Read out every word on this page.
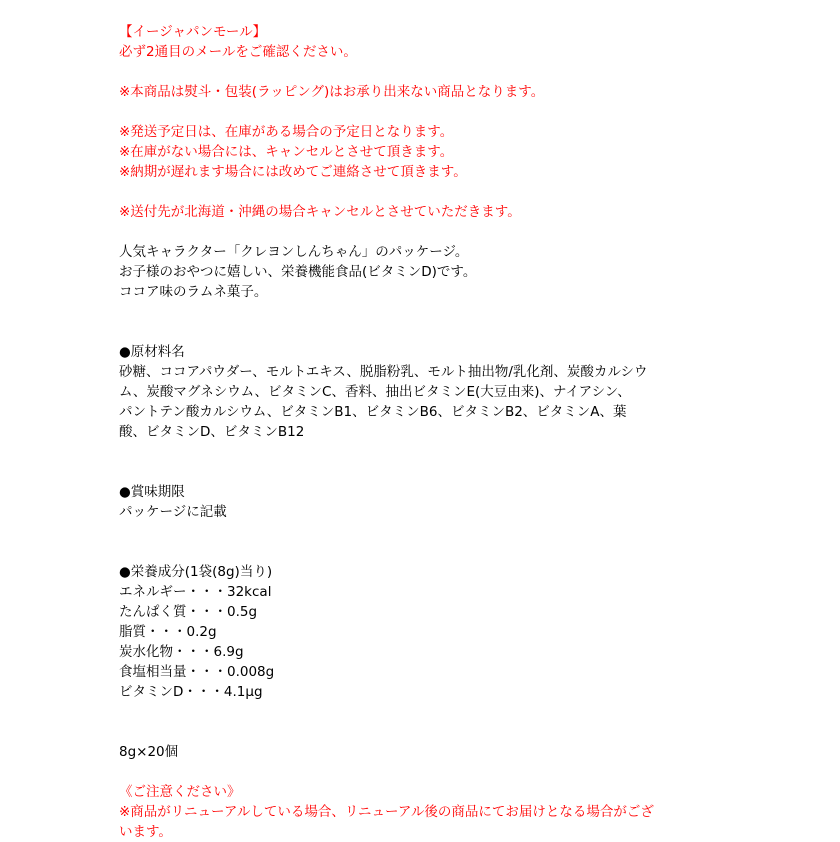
【イージャパンモール】
必ず2通目のメールをご確認ください。
※本商品は熨斗・包装(ラッピング)はお承り出来ない商品となります。
※発送予定日は、在庫がある場合の予定日となります。
※在庫がない場合には、キャンセルとさせて頂きます。
※納期が遅れます場合には改めてご連絡させて頂きます。
※送付先が北海道・沖縄の場合キャンセルとさせていただきます。
人気キャラクター「クレヨンしんちゃん」のパッケージ。
お子様のおやつに嬉しい、栄養機能食品(ビタミンD)です。
ココア味のラムネ菓子。
●原材料名
砂糖、ココアパウダー、モルトエキス、脱脂粉乳、モルト抽出物/乳化剤、炭酸カルシウ
ム、炭酸マグネシウム、ビタミンC、香料、抽出ビタミンE(大豆由来)、ナイアシン、
パントテン酸カルシウム、ビタミンB1、ビタミンB6、ビタミンB2、ビタミンA、葉
酸、ビタミンD、ビタミンB12
●賞味期限
パッケージに記載
●栄養成分(1袋(8g)当り)
エネルギー・・・32kcal
たんぱく質・・・0.5g
脂質・・・0.2g
炭水化物・・・6.9g
食塩相当量・・・0.008g
ビタミンD・・・4.1μg
8g×20個
《ご注意ください》
※商品がリニューアルしている場合、リニューアル後の商品にてお届けとなる場合がござ
います。
